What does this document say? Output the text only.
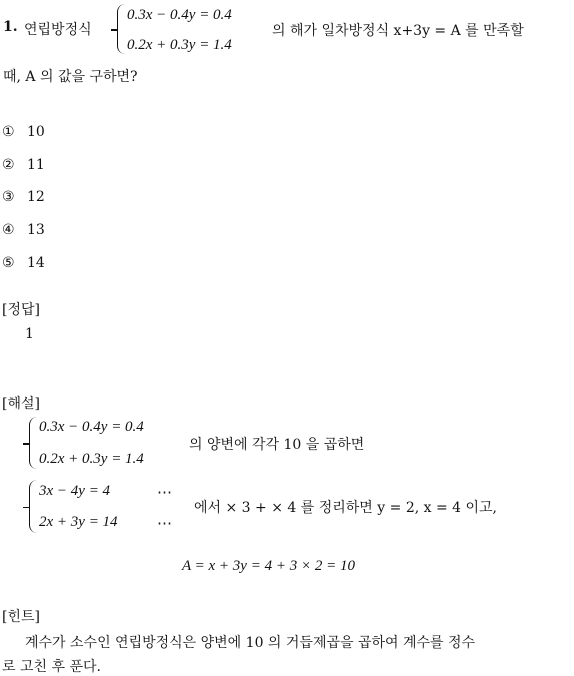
1. 연립방정식
0.3x − 0.4y = 0.4
0.2x + 0.3y = 1.4
의 해가 일차방정식 x+3y = A 를 만족할
때, A 의 값을 구하면?
① 10
② 11
③ 12
④ 13
⑤ 14
[정답]
1
[해설]
0.3x − 0.4y = 0.4
0.2x + 0.3y = 1.4
의 양변에 각각 10 을 곱하면
3x − 4y = 4	⋯
2x + 3y = 14	⋯
에서 × 3 + × 4 를 정리하면 y = 2, x = 4 이고,
A = x + 3y = 4 + 3 × 2 = 10
[힌트]
계수가 소수인 연립방정식은 양변에 10 의 거듭제곱을 곱하여 계수를 정수
로 고친 후 푼다.
